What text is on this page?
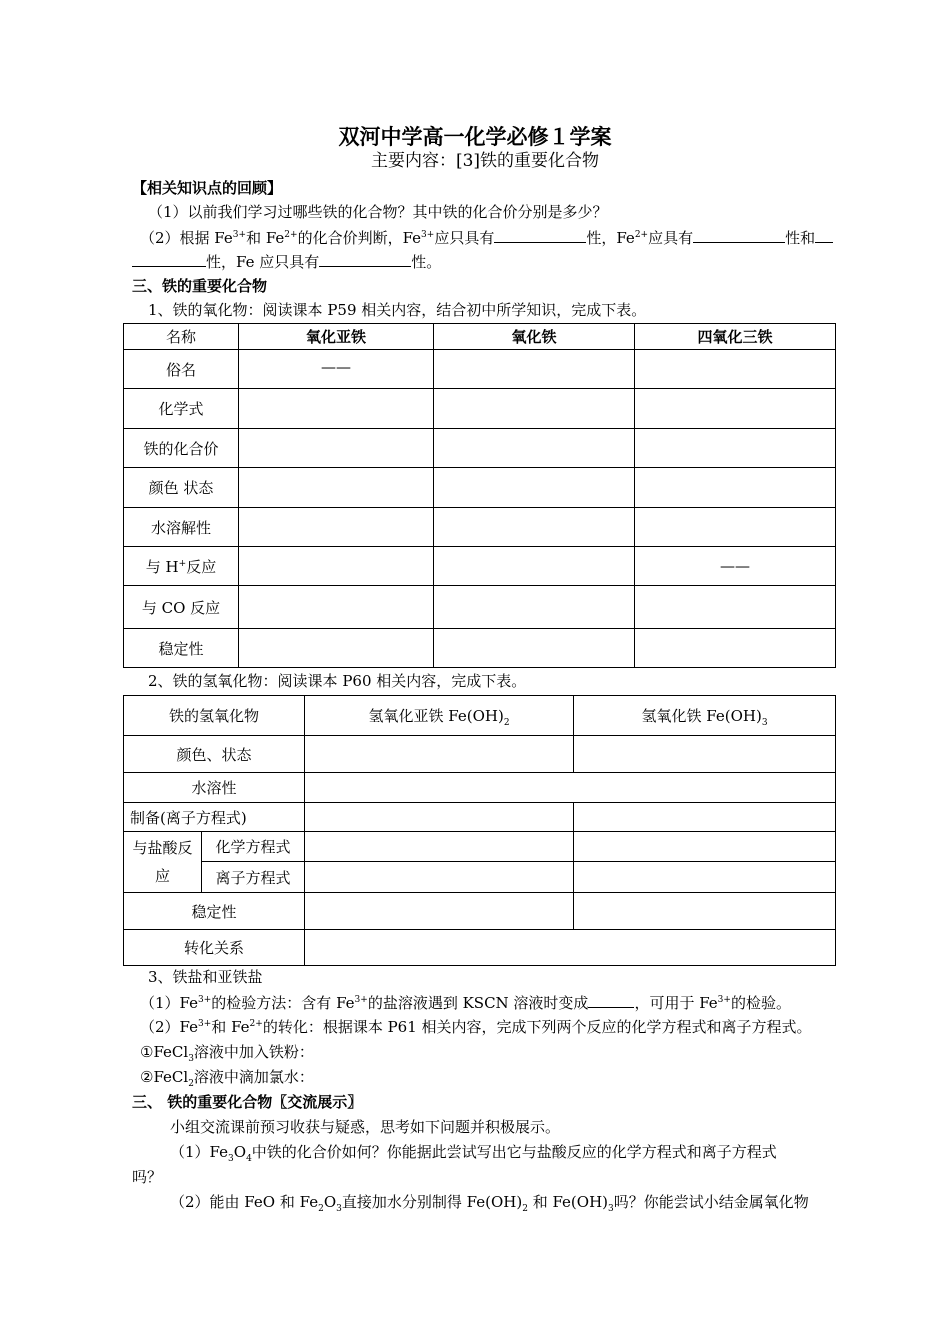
双河中学高一化学必修１学案
主要内容：[3]铁的重要化合物
【相关知识点的回顾】
（1）以前我们学习过哪些铁的化合物？其中铁的化合价分别是多少？
（2）根据 $Fe^{3+}$和 $Fe^{2+}$的化合价判断，$Fe^{3+}$应只具有	性，$Fe^{2+}$应具有	性和
性，Fe 应只具有	性。
三、铁的重要化合物
1、铁的氧化物：阅读课本 P59 相关内容，结合初中所学知识，完成下表。
名称	氧化亚铁	氧化铁	四氧化三铁
俗名	——		
化学式			
铁的化合价			
颜色 状态			
水溶解性			
与 H+反应			——
与 CO 反应			
稳定性			
2、铁的氢氧化物：阅读课本 P60 相关内容，完成下表。
铁的氢氧化物		氢氧化亚铁 $Fe(OH)_2$	氢氧化铁 $Fe(OH)_3$
颜色、状态			
水溶性			
制备(离子方程式)			
与盐酸反应	化学方程式		
	离子方程式		
稳定性			
转化关系			
3、铁盐和亚铁盐
$(1)Fe^{3+}$的检验方法：含有 $Fe^{3+}$的盐溶液遇到 KSCN 溶液时变成	，可用于 $Fe^{3+}$的检验。
$(2)Fe^{3+}$和 $Fe^{2+}$的转化：根据课本 P61 相关内容，完成下列两个反应的化学方程式和离子方程式。
①FeCl$_3$溶液中加入铁粉：
②FeCl$_2$溶液中滴加氯水：
三、 铁的重要化合物〖交流展示〗
小组交流课前预习收获与疑惑，思考如下问题并积极展示。
$(1)Fe_3O_4$中铁的化合价如何？你能据此尝试写出它与盐酸反应的化学方程式和离子方程式
吗？
（2）能由 FeO 和 $Fe_2O_3$直接加水分别制得 $Fe(OH)_2$ 和 $Fe(OH)_3$吗？你能尝试小结金属氧化物
